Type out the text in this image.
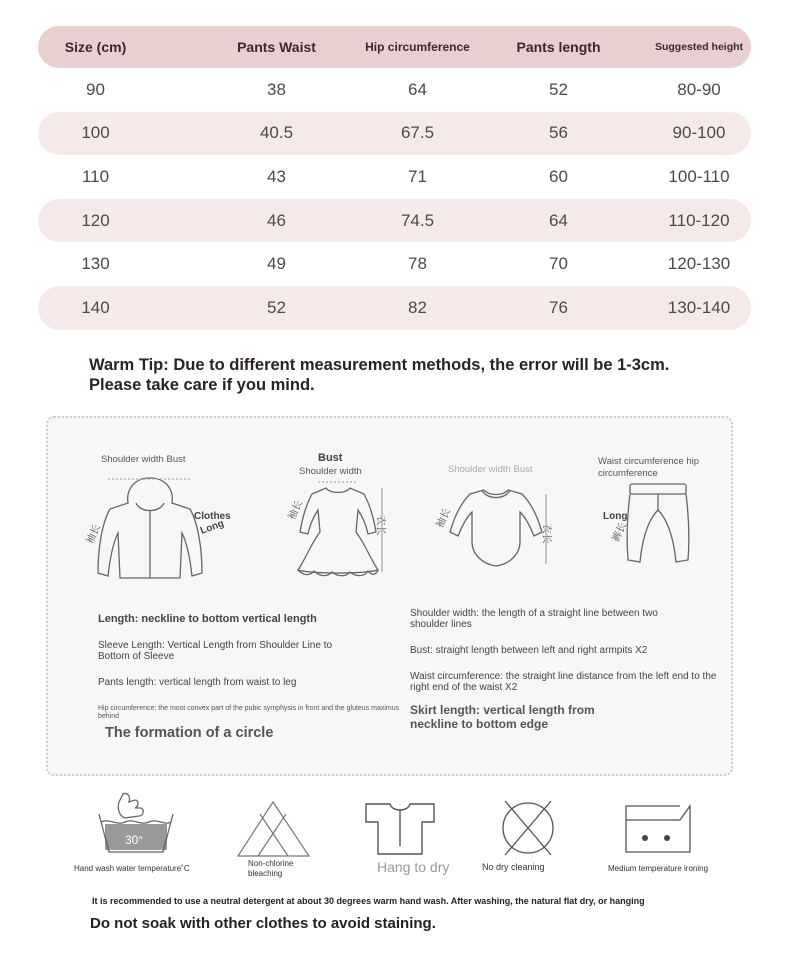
Size (cm)	Pants Waist	Hip circumference	Pants length	Suggested height
90	38	64	52	80-90
100	40.5	67.5	56	90-100
110	43	71	60	100-110
120	46	74.5	64	110-120
130	49	78	70	120-130
140	52	82	76	130-140
Warm Tip: Due to different measurement methods, the error will be 1-3cm.
Please take care if you mind.
Shoulder width Bust
Clothes
Long
袖长
Bust
Shoulder width
袖长
衣长
Shoulder width Bust
袖长
衣长
Waist circumference hip circumference
Long
裤长
Length: neckline to bottom vertical length
Sleeve Length: Vertical Length from Shoulder Line to Bottom of Sleeve
Pants length: vertical length from waist to leg
Hip circumference: the most convex part of the pubic symphysis in front and the gluteus maximus behind
The formation of a circle
Shoulder width: the length of a straight line between two shoulder lines
Bust: straight length between left and right armpits X2
Waist circumference: the straight line distance from the left end to the right end of the waist X2
Skirt length: vertical length from neckline to bottom edge
30°
Hand wash water temperature˚C
Non-chlorine bleaching	Hang to dry	No dry cleaning	Medium temperature ironing
It is recommended to use a neutral detergent at about 30 degrees warm hand wash. After washing, the natural flat dry, or hanging
Do not soak with other clothes to avoid staining.
